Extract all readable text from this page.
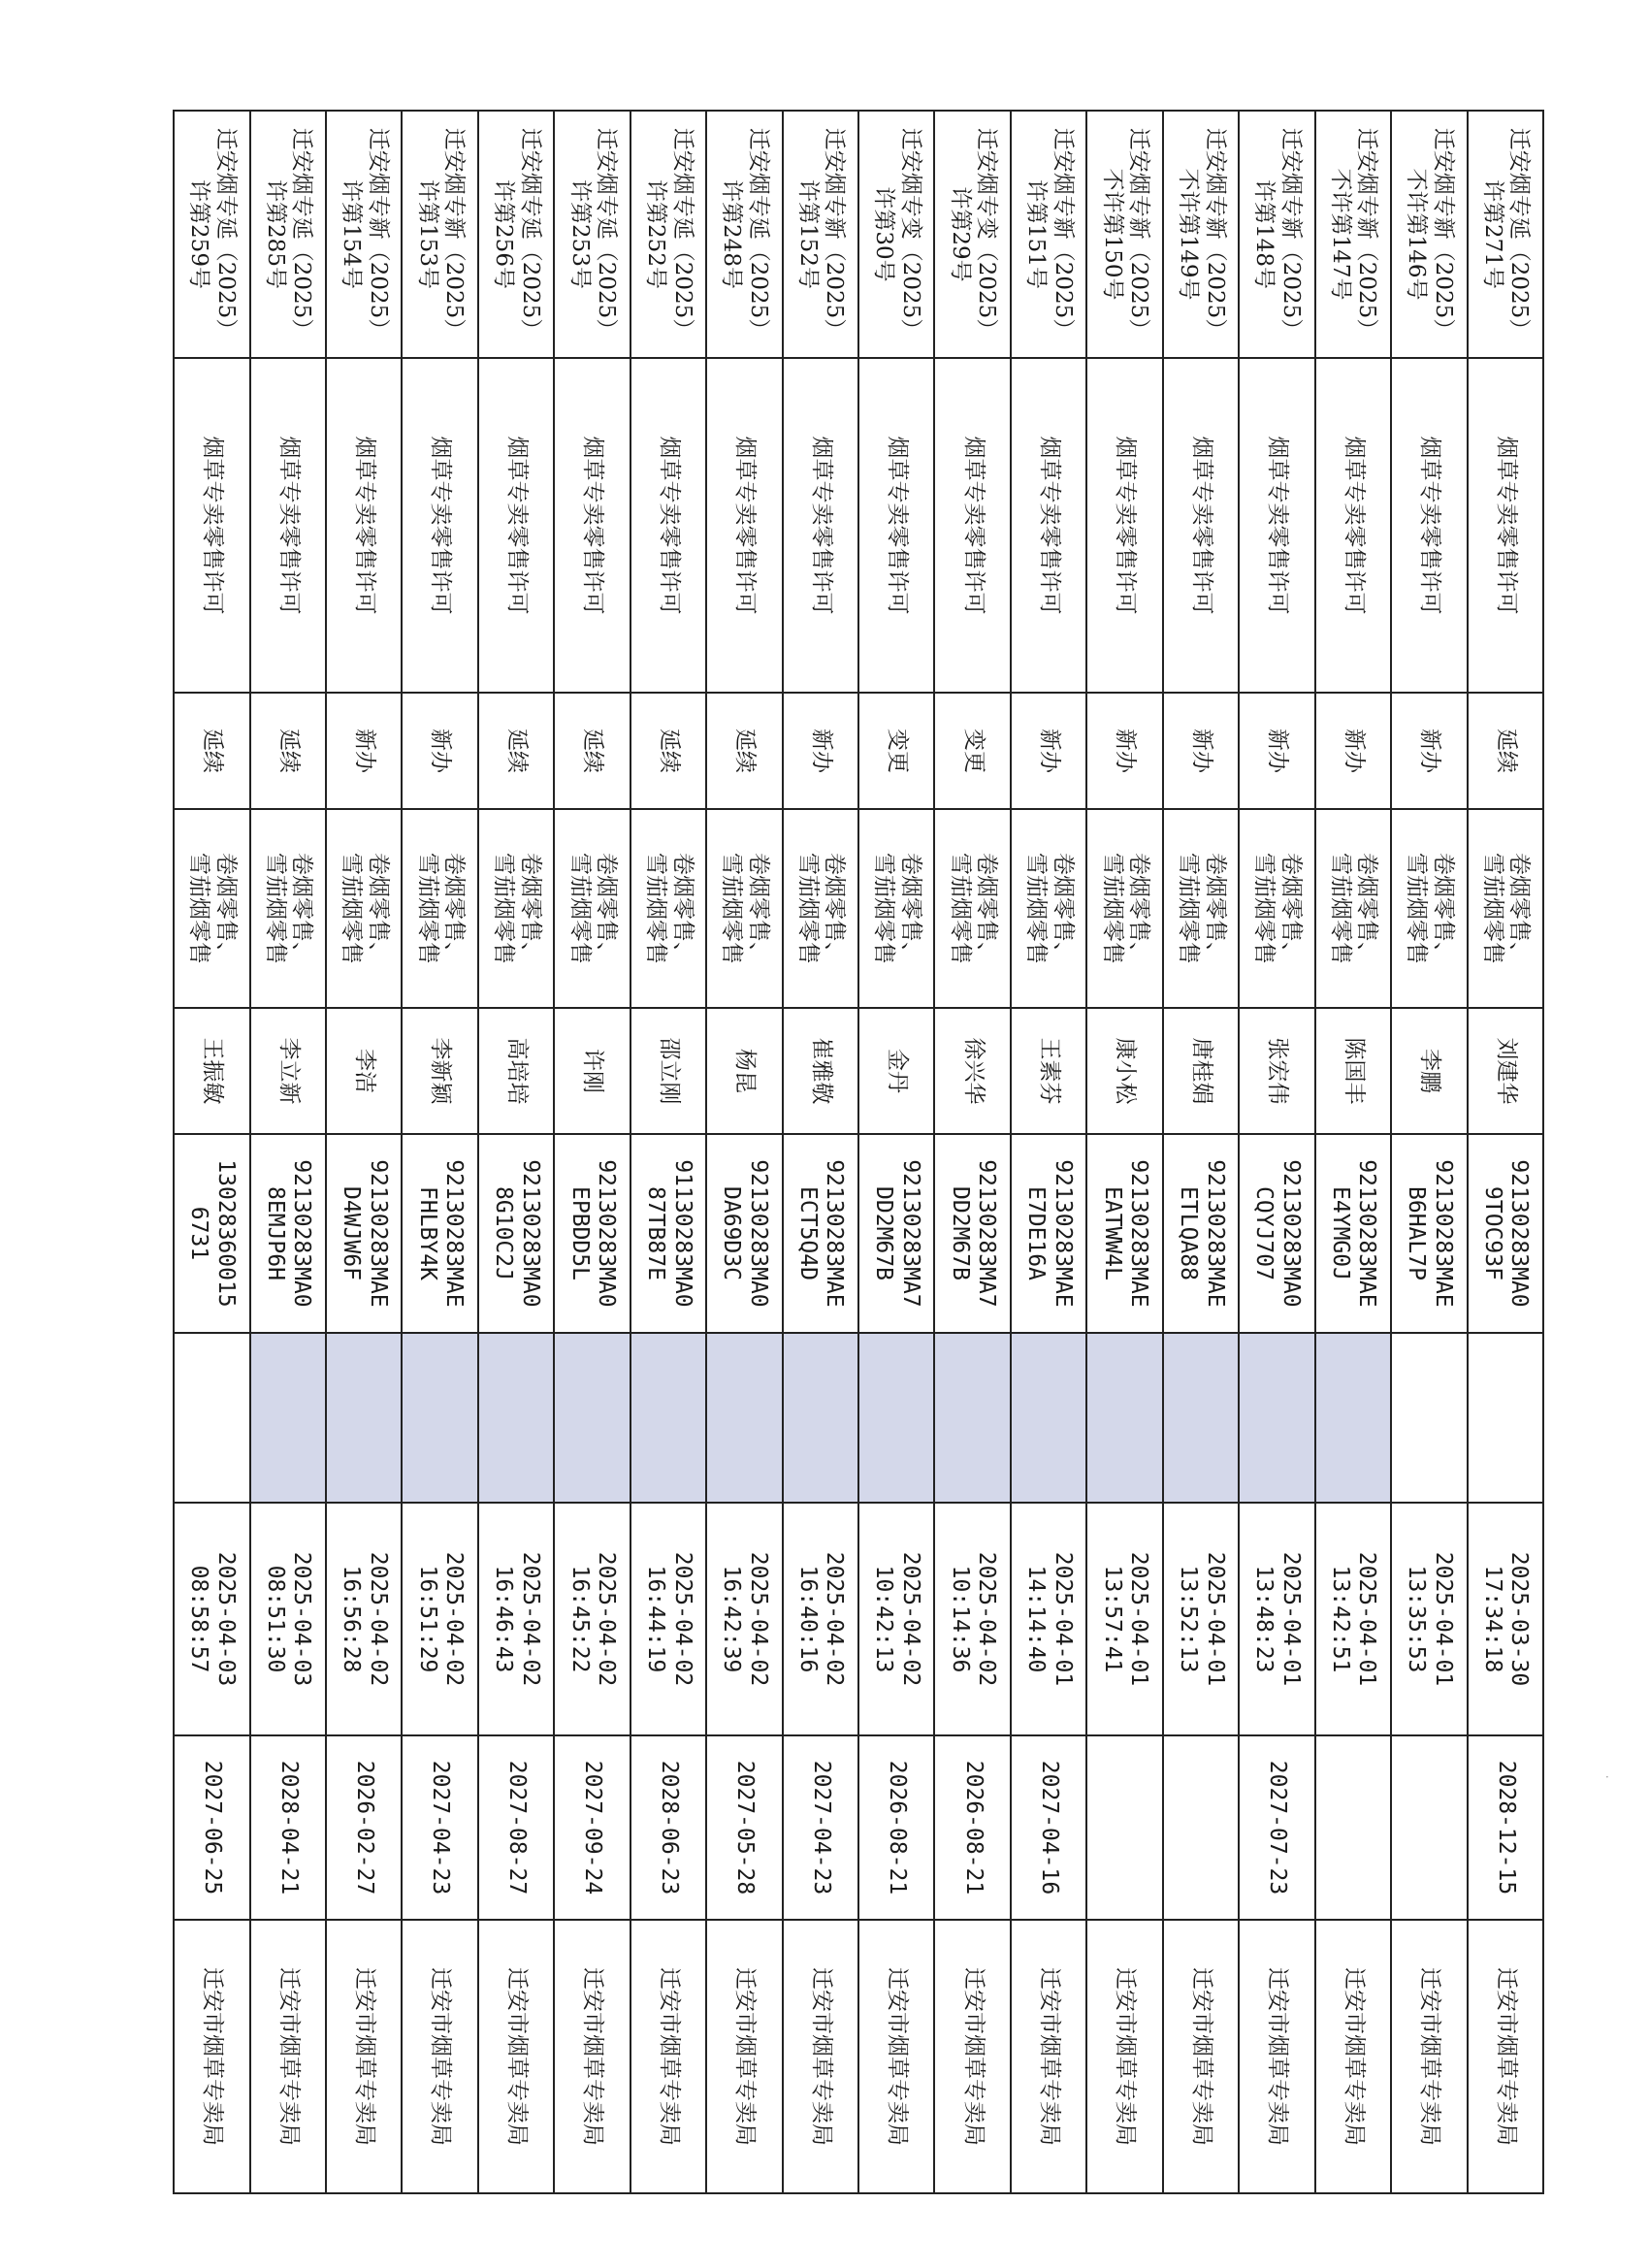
迁安烟专延（2025）
许第271号	烟草专卖零售许可	延续	卷烟零售、
雪茄烟零售	刘建华	92130283MA0
9TOC93F		2025-03-30
17:34:18	2028-12-15	迁安市烟草专卖局

迁安烟专新（2025）
不许第146号	烟草专卖零售许可	新办	卷烟零售、
雪茄烟零售	李鹏	92130283MAE
B6HAL7P		2025-04-01
13:35:53		迁安市烟草专卖局

迁安烟专新（2025）
不许第147号	烟草专卖零售许可	新办	卷烟零售、
雪茄烟零售	陈国丰	92130283MAE
E4YMG0J		2025-04-01
13:42:51		迁安市烟草专卖局

迁安烟专新（2025）
许第148号	烟草专卖零售许可	新办	卷烟零售、
雪茄烟零售	张宏伟	92130283MA0
CQYJ707		2025-04-01
13:48:23	2027-07-23	迁安市烟草专卖局

迁安烟专新（2025）
不许第149号	烟草专卖零售许可	新办	卷烟零售、
雪茄烟零售	唐桂娟	92130283MAE
ETLQA88		2025-04-01
13:52:13		迁安市烟草专卖局

迁安烟专新（2025）
不许第150号	烟草专卖零售许可	新办	卷烟零售、
雪茄烟零售	康小松	92130283MAE
EATWW4L		2025-04-01
13:57:41		迁安市烟草专卖局

迁安烟专新（2025）
许第151号	烟草专卖零售许可	新办	卷烟零售、
雪茄烟零售	王素芬	92130283MAE
E7DE16A		2025-04-01
14:14:40	2027-04-16	迁安市烟草专卖局

迁安烟专变（2025）
许第29号	烟草专卖零售许可	变更	卷烟零售、
雪茄烟零售	徐兴华	92130283MA7
DD2M67B		2025-04-02
10:14:36	2026-08-21	迁安市烟草专卖局

迁安烟专变（2025）
许第30号	烟草专卖零售许可	变更	卷烟零售、
雪茄烟零售	金丹	92130283MA7
DD2M67B		2025-04-02
10:42:13	2026-08-21	迁安市烟草专卖局

迁安烟专新（2025）
许第152号	烟草专卖零售许可	新办	卷烟零售、
雪茄烟零售	崔雅敬	92130283MAE
ECT5Q4D		2025-04-02
16:40:16	2027-04-23	迁安市烟草专卖局

迁安烟专延（2025）
许第248号	烟草专卖零售许可	延续	卷烟零售、
雪茄烟零售	杨昆	92130283MA0
DA69D3C		2025-04-02
16:42:39	2027-05-28	迁安市烟草专卖局

迁安烟专延（2025）
许第252号	烟草专卖零售许可	延续	卷烟零售、
雪茄烟零售	邵立刚	91130283MA0
87TB87E		2025-04-02
16:44:19	2028-06-23	迁安市烟草专卖局

迁安烟专延（2025）
许第253号	烟草专卖零售许可	延续	卷烟零售、
雪茄烟零售	许刚	92130283MA0
EPBDD5L		2025-04-02
16:45:22	2027-09-24	迁安市烟草专卖局

迁安烟专延（2025）
许第256号	烟草专卖零售许可	延续	卷烟零售、
雪茄烟零售	高培培	92130283MA0
8G10C2J		2025-04-02
16:46:43	2027-08-27	迁安市烟草专卖局

迁安烟专新（2025）
许第153号	烟草专卖零售许可	新办	卷烟零售、
雪茄烟零售	李新颖	92130283MAE
FHLBY4K		2025-04-02
16:51:29	2027-04-23	迁安市烟草专卖局

迁安烟专新（2025）
许第154号	烟草专卖零售许可	新办	卷烟零售、
雪茄烟零售	李洁	92130283MAE
D4WJW6F		2025-04-02
16:56:28	2026-02-27	迁安市烟草专卖局

迁安烟专延（2025）
许第285号	烟草专卖零售许可	延续	卷烟零售、
雪茄烟零售	李立新	92130283MA0
8EMJP6H		2025-04-03
08:51:30	2028-04-21	迁安市烟草专卖局

迁安烟专延（2025）
许第259号	烟草专卖零售许可	延续	卷烟零售、
雪茄烟零售	王振敏	13028360015
6731		2025-04-03
08:58:57	2027-06-25	迁安市烟草专卖局
·
